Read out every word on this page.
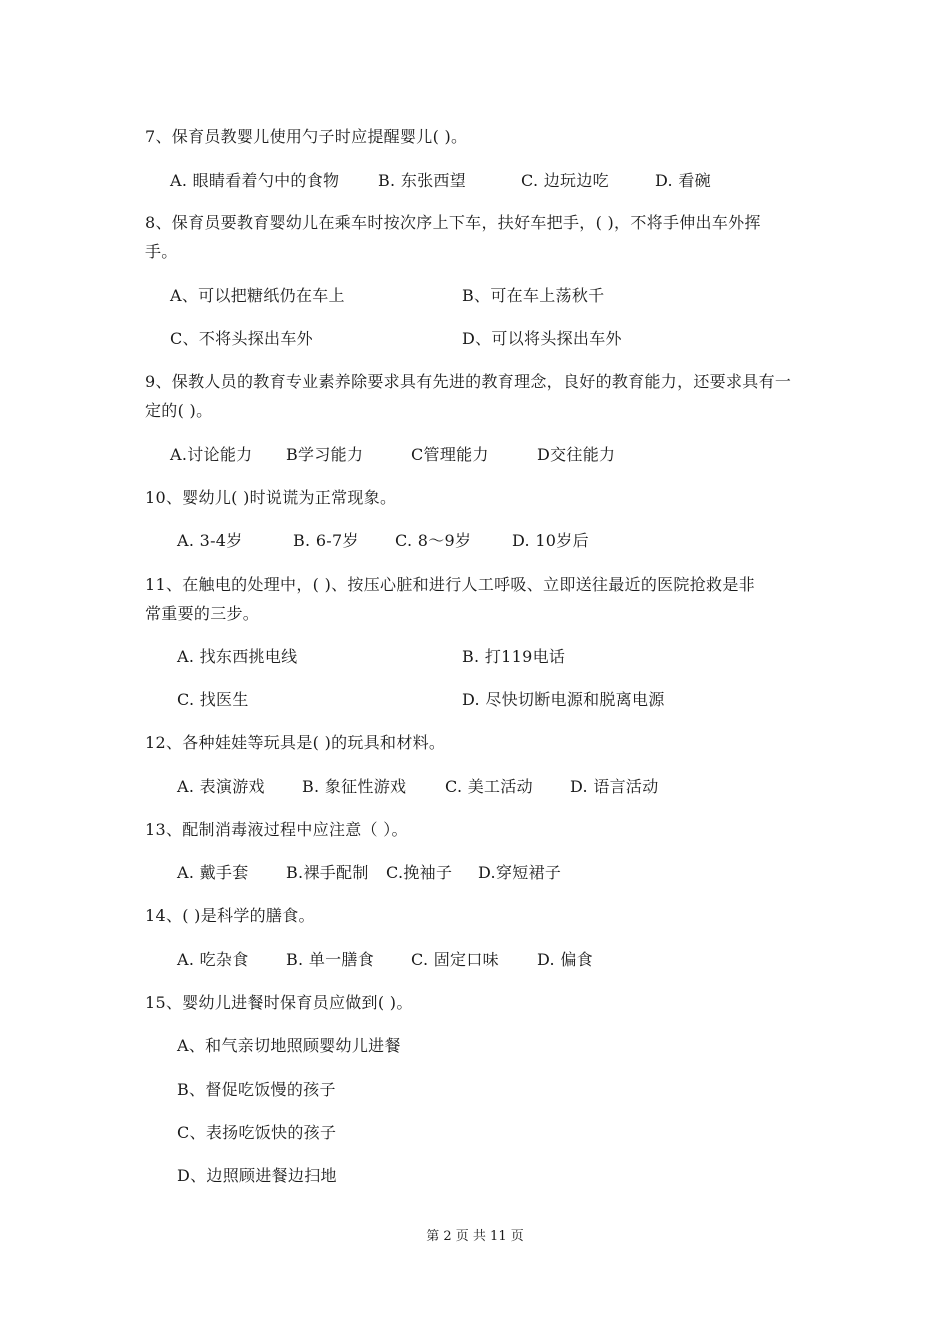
7、保育员教婴儿使用勺子时应提醒婴儿( )。
A. 眼睛看着勺中的食物 B. 东张西望	C. 边玩边吃	D. 看碗
8、保育员要教育婴幼儿在乘车时按次序上下车，扶好车把手，( )，不将手伸出车外挥
手。
A、可以把糖纸仍在车上	B、可在车上荡秋千
C、不将头探出车外	D、可以将头探出车外
9、保教人员的教育专业素养除要求具有先进的教育理念，良好的教育能力，还要求具有一
定的( )。
A.讨论能力 B学习能力	C管理能力	D交往能力
10、婴幼儿( )时说谎为正常现象。
A. 3-4岁	B. 6-7岁 C. 8～9岁	D. 10岁后
11、在触电的处理中，( )、按压心脏和进行人工呼吸、立即送往最近的医院抢救是非
常重要的三步。
A. 找东西挑电线	B. 打119电话
C. 找医生	D. 尽快切断电源和脱离电源
12、各种娃娃等玩具是( )的玩具和材料。
A. 表演游戏 B. 象征性游戏 C. 美工活动 D. 语言活动
13、配制消毒液过程中应注意（ ）。
A. 戴手套 B.裸手配制 C.挽袖子 D.穿短裙子
14、( )是科学的膳食。
A. 吃杂食 B. 单一膳食 C. 固定口味 D. 偏食
15、婴幼儿进餐时保育员应做到( )。
A、和气亲切地照顾婴幼儿进餐
B、督促吃饭慢的孩子
C、表扬吃饭快的孩子
D、边照顾进餐边扫地
第 2 页 共 11 页
